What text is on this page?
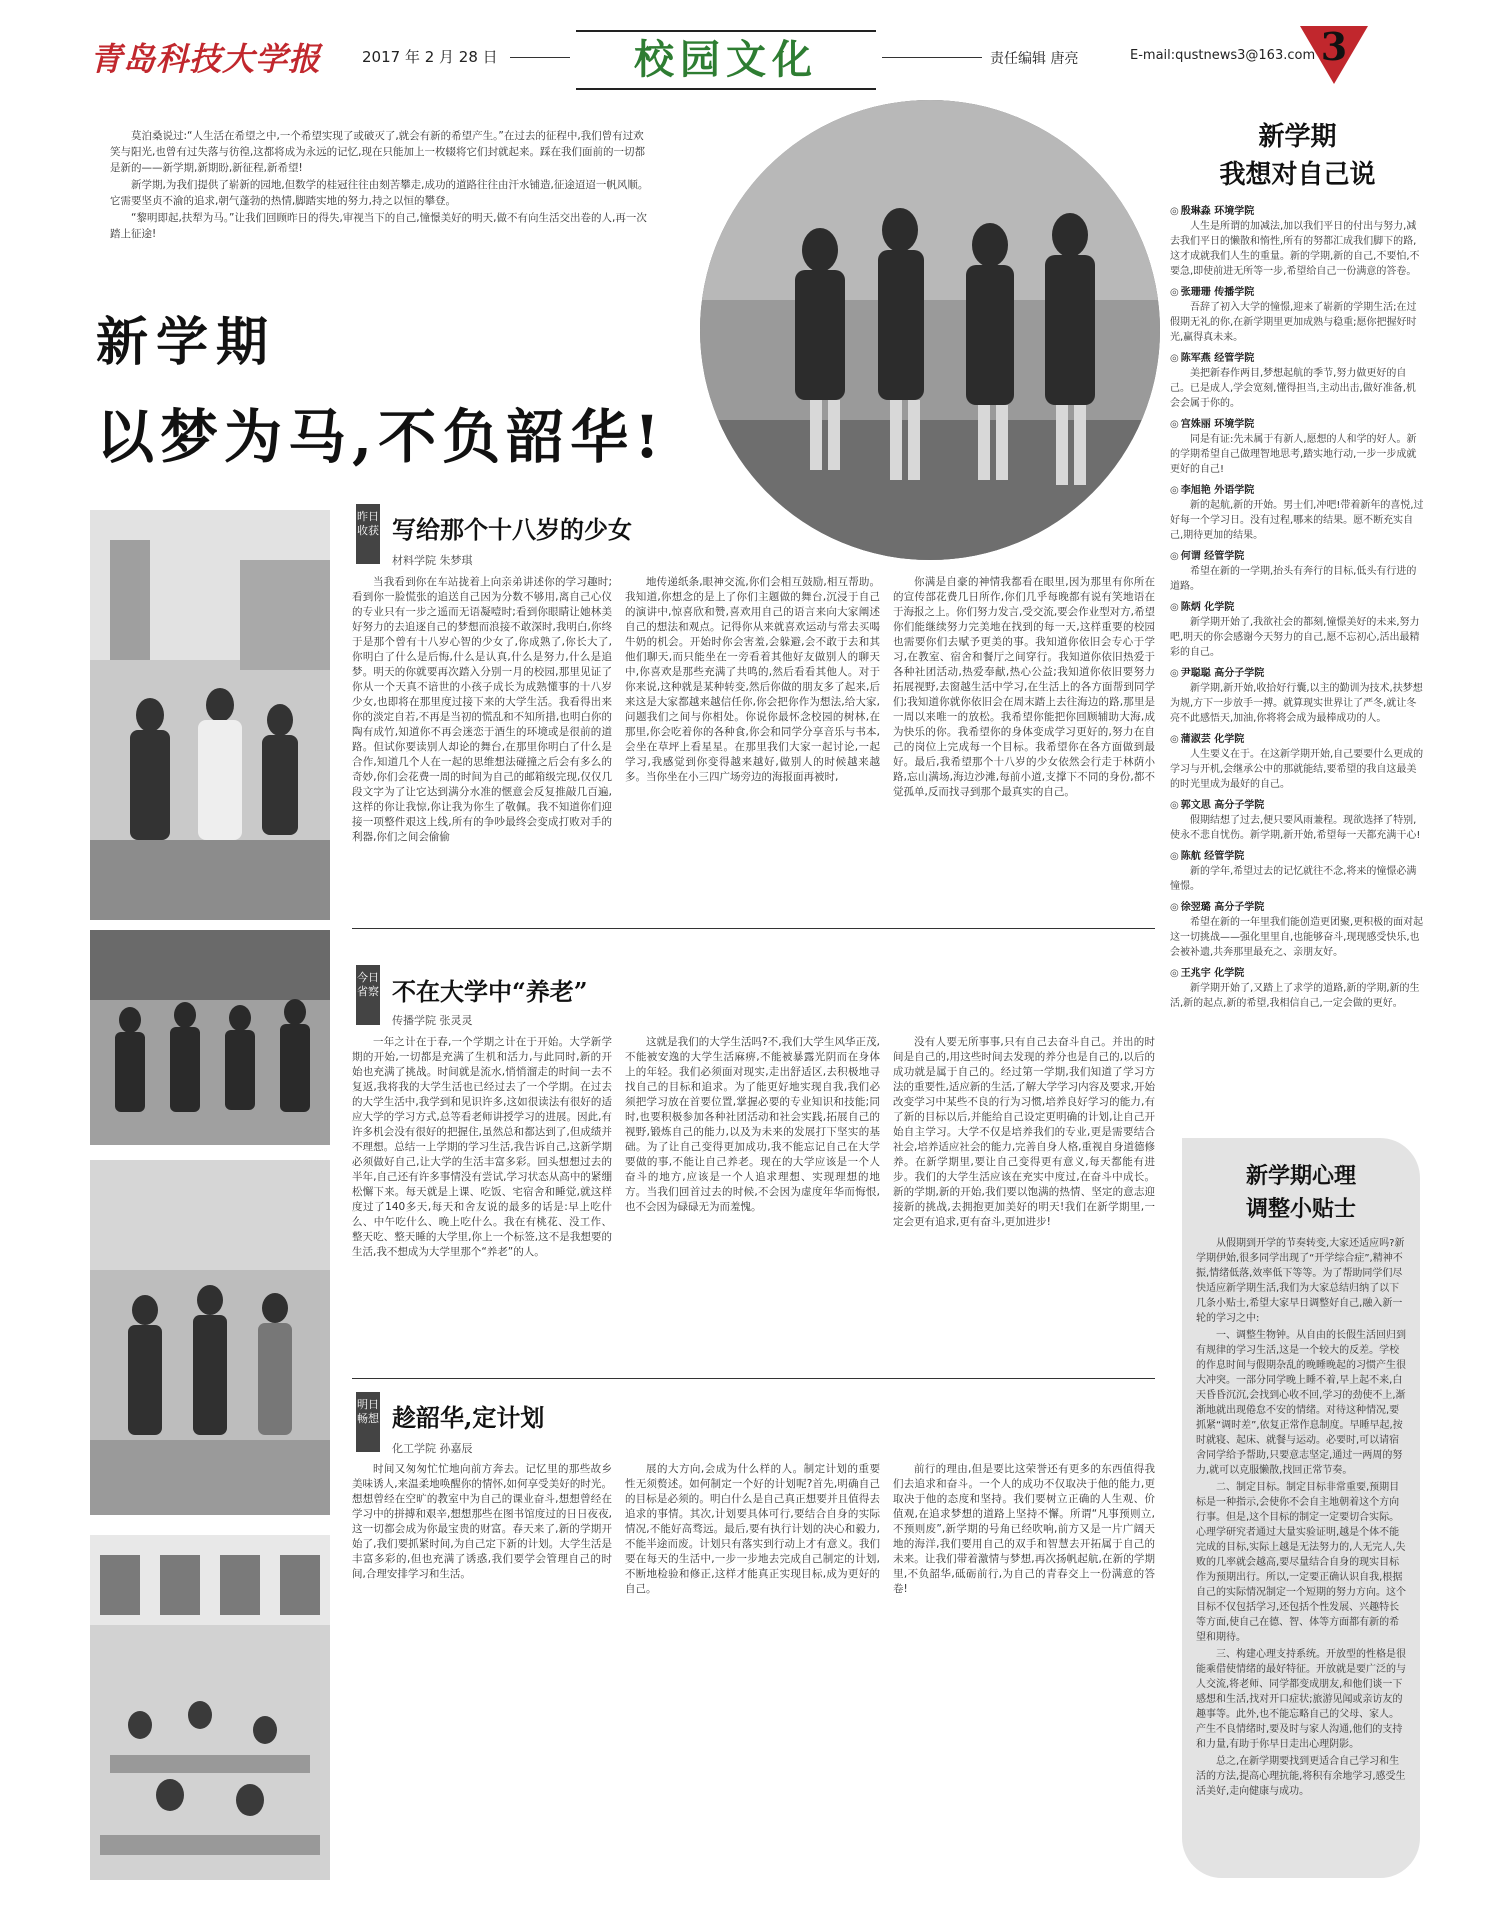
青岛科技大学报	2017 年 2 月 28 日	校园文化	责任编辑 唐亮	E-mail:qustnews3@163.com 3

莫泊桑说过:“人生活在希望之中,一个希望实现了或破灭了,就会有新的希望产生。”在过去的征程中,我们曾有过欢笑与阳光,也曾有过失落与彷徨,这都将成为永远的记忆,现在只能加上一枚辍将它们封就起来。踩在我们面前的一切都是新的——新学期,新期盼,新征程,新希望!

新学期,为我们提供了崭新的园地,但数学的桂冠往往由刻苦攀走,成功的道路往往由汗水铺造,征途迢迢一帆风顺。它需要坚贞不渝的追求,朝气蓬勃的热情,脚踏实地的努力,持之以恒的攀登。

“黎明即起,扶犁为马。”让我们回顾昨日的得失,审视当下的自己,憧憬美好的明天,做不有向生活交出卷的人,再一次踏上征途!

新学期
以梦为马,不负韶华!
新学期
我想对自己说
◎ 殷琳淼 环境学院
人生是所谓的加减法,加以我们平日的付出与努力,减去我们平日的懒散和惰性,所有的努都汇成我们脚下的路,这才成就我们人生的重量。新的学期,新的自己,不要怕,不要急,即使前进无所等一步,希望给自己一份满意的答卷。
◎ 张珊珊 传播学院
吾辞了初入大学的憧憬,迎来了崭新的学期生活;在过假期无礼的你,在新学期里更加成熟与稳重;愿你把握好时光,赢得真未来。
◎ 陈军燕 经管学院
美把新春作两目,梦想起航的季节,努力做更好的自己。已是成人,学会宽刻,懂得担当,主动出击,做好准备,机会会属于你的。
◎ 宫姝丽 环境学院
同是有证:先未属于有新人,愿想的人和学的好人。新的学期希望自己做理智地思考,踏实地行动,一步一步成就更好的自己!
◎ 李旭艳 外语学院
新的起航,新的开始。男士们,冲吧!带着新年的喜悦,过好每一个学习日。没有过程,哪来的结果。愿不断充实自己,期待更加的结果。
◎ 何谓 经管学院
希望在新的一学期,抬头有奔行的目标,低头有行进的道路。
◎ 陈炳 化学院
新学期开始了,我欲社会的都刻,憧憬美好的未来,努力吧,明天的你会感谢今天努力的自己,愿不忘初心,活出最精彩的自己。
◎ 尹聪聪 高分子学院
新学期,新开始,收拾好行囊,以主的勤训为技术,扶梦想为规,方下一步放手一搏。就算现实世界让了严冬,就让冬亮不此感悟天,加油,你将将会成为最棒成功的人。
◎ 蒲淑芸 化学院
人生要义在于。在这新学期开始,自己要要什么更成的学习与开机,会继承公中的那就能结,要希望的我自这最美的时光里成为最好的自己。
◎ 郭文思 高分子学院
假期结想了过去,便只要风雨兼程。现欲选择了特别,使永不悲自忧伤。新学期,新开始,希望每一天都充满干心!
◎ 陈航 经管学院
新的学年,希望过去的记忆就往不念,将来的憧憬必满憧憬。
◎ 徐翌璐 高分子学院
希望在新的一年里我们能创造更团聚,更积极的面对起这一切挑战——强化里里自,也能够奋斗,现现感受快乐,也会被补遗,共奔那里最充之、亲朋友好。
◎ 王兆宇 化学院
新学期开始了,又踏上了求学的道路,新的学期,新的生活,新的起点,新的希望,我相信自己,一定会做的更好。
新学期心理
调整小贴士

从假期到开学的节奏转变,大家还适应吗?新学期伊始,很多同学出现了“开学综合症”,精神不振,情绪低落,效率低下等等。为了帮助同学们尽快适应新学期生活,我们为大家总结归纳了以下几条小贴士,希望大家早日调整好自己,融入新一轮的学习之中:

一、调整生物钟。从自由的长假生活回归到有规律的学习生活,这是一个较大的反差。学校的作息时间与假期杂乱的晚睡晚起的习惯产生很大冲突。一部分同学晚上睡不着,早上起不来,白天昏昏沉沉,会找到心收不回,学习的劲使不上,渐渐地就出现倦怠不安的情绪。对待这种情况,要抓紧“调时差”,依复正常作息制度。早睡早起,按时就寝、起床、就餐与运动。必要时,可以请宿舍同学给予帮助,只要意志坚定,通过一两周的努力,就可以克服懒散,找回正常节奏。

二、制定目标。制定目标非常重要,预期目标是一种指示,会使你不会自主地朝着这个方向行事。但是,这个目标的制定一定要切合实际。心理学研究者通过大量实验证明,越是个体不能完成的目标,实际上越是无法努力的,人无完人,失败的几率就会越高,要尽量结合自身的现实目标作为预期出行。所以,一定要正确认识自我,根据自己的实际情况制定一个短期的努力方向。这个目标不仅包括学习,还包括个性发展、兴趣特长等方面,使自己在德、智、体等方面都有新的希望和期待。

三、构建心理支持系统。开放型的性格是很能乘借使情绪的最好特征。开放就是要广泛的与人交流,将老师、同学都变成朋友,和他们谈一下感想和生活,找对开口症状;旅游见闻或亲访友的趣事等。此外,也不能忘略自己的父母、家人。产生不良情绪时,要及时与家人沟通,他们的支持和力量,有助于你早日走出心理阴影。

总之,在新学期要找到更适合自己学习和生活的方法,提高心理抗能,将积有余地学习,感受生活美好,走向健康与成功。

昨日收获 写给那个十八岁的少女
材料学院 朱梦琪

当我看到你在车站拢着上向亲弟讲述你的学习趣时;看到你一脸慌张的追送自己因为分数不够用,离自己心仪的专业只有一步之遥而无语凝噎时;看到你眼睛让她林美好努力的去追逐自己的梦想而浪接不敢深时,我明白,你终于是那个曾有十八岁心智的少女了,你成熟了,你长大了,你明白了什么是后悔,什么是认真,什么是努力,什么是追梦。明天的你就要再次踏入分别一月的校园,那里见证了你从一个天真不谙世的小孩子成长为成熟懂事的十八岁少女,也即将在那里度过接下来的大学生活。我看得出来你的淡定自若,不再是当初的慌乱和不知所措,也明白你的陶有成竹,知道你不再会迷恋于酒生的环境或是很前的道路。但试你要读别人却论的舞台,在那里你明白了什么是合作,知道几个人在一起的思维想法碰撞之后会有多么的奇妙,你们会花费一周的时间为自己的邮箱级完现,仅仅几段文字为了让它达到满分水准的惬意会反复推敲几百遍,这样的你让我惊,你让我为你生了敬佩。我不知道你们迎接一项整件艰这上线,所有的争吵最终会变成打败对手的利器,你们之间会偷偷

地传递纸条,眼神交流,你们会相互鼓励,相互帮助。我知道,你想念的是上了你们主题做的舞台,沉浸于自己的演讲中,惊喜欣和赞,喜欢用自己的语言来向大家阐述自己的想法和观点。记得你从来就喜欢运动与常去买喝牛奶的机会。开始时你会害羞,会躲避,会不敢于去和其他们聊天,而只能坐在一旁看着其他好友做别人的聊天中,你喜欢是那些充满了共鸣的,然后看看其他人。对于你来说,这种就是某种转变,然后你做的朋友多了起来,后来这是大家都越来越信任你,你会把你作为想法,给大家,问题我们之间与你相处。你说你最怀念校园的树林,在那里,你会吃着你的各种食,你会和同学分享音乐与书本,会坐在草坪上看星星。在那里我们大家一起讨论,一起学习,我感觉到你变得越来越好,做别人的时候越来越多。当你坐在小三四广场旁边的海报面再被时,

你满是自豪的神情我都看在眼里,因为那里有你所在的宣传部花费几日所作,你们几乎每晚都有说有笑地语在于海报之上。你们努力发言,受交流,要会作业型对方,希望你们能继续努力完美地在找到的每一天,这样重要的校园也需要你们去赋予更美的事。我知道你依旧会专心于学习,在教室、宿舍和餐厅之间穿行。我知道你依旧热爱于各种社团活动,热爱奉献,热心公益;我知道你依旧要努力拓展视野,去窗越生活中学习,在生活上的各方面帮到同学们;我知道你就你依旧会在周末踏上去往海边的路,那里是一周以来唯一的放松。我希望你能把你回顾辅助大海,成为快乐的你。我希望你的身体变成学习更好的,努力在自己的岗位上完成每一个目标。我希望你在各方面做到最好。最后,我希望那个十八岁的少女依然会行走于林荫小路,忘山满场,海边沙滩,每前小道,支撑下不同的身份,都不觉孤单,反而找寻到那个最真实的自己。

今日省察 不在大学中“养老”
传播学院 张灵灵

一年之计在于春,一个学期之计在于开始。大学新学期的开始,一切都是充满了生机和活力,与此同时,新的开始也充满了挑战。时间就是流水,悄悄溜走的时间一去不复返,我将我的大学生活也已经过去了一个学期。在过去的大学生活中,我学到和见识许多,这如很读法有很好的适应大学的学习方式,总等看老师讲授学习的进展。因此,有许多机会没有很好的把握住,虽然总和都达到了,但成绩并不理想。总结一上学期的学习生活,我告诉自己,这新学期必须做好自己,让大学的生活丰富多彩。回头想想过去的半年,自己还有许多事情没有尝试,学习状态从高中的紧绷松懈下来。每天就是上课、吃饭、宅宿舍和睡觉,就这样度过了140多天,每天和舍友说的最多的话是:早上吃什么、中午吃什么、晚上吃什么。我在有桃花、没工作、整天吃、整天睡的大学里,你上一个标签,这不是我想要的生活,我不想成为大学里那个“养老”的人。

这就是我们的大学生活吗?不,我们大学生风华正茂,不能被安逸的大学生活麻痹,不能被暴露光阴而在身体上的年轻。我们必须面对现实,走出舒适区,去积极地寻找自己的目标和追求。为了能更好地实现自我,我们必须把学习放在首要位置,掌握必要的专业知识和技能;同时,也要积极参加各种社团活动和社会实践,拓展自己的视野,锻炼自己的能力,以及为未来的发展打下坚实的基础。为了让自己变得更加成功,我不能忘记自己在大学要做的事,不能让自己养老。现在的大学应该是一个人奋斗的地方,应该是一个人追求理想、实现理想的地方。当我们回首过去的时候,不会因为虚度年华而悔恨,也不会因为碌碌无为而羞愧。

没有人要无所事事,只有自己去奋斗自己。并出的时间是自己的,用这些时间去发现的养分也是自己的,以后的成功就是属于自己的。经过第一学期,我们知道了学习方法的重要性,适应新的生活,了解大学学习内容及要求,开始改变学习中某些不良的行为习惯,培养良好学习的能力,有了新的目标以后,并能给自己设定更明确的计划,让自己开始自主学习。大学不仅是培养我们的专业,更是需要结合社会,培养适应社会的能力,完善自身人格,重视自身道德修养。在新学期里,要让自己变得更有意义,每天都能有进步。我们的大学生活应该在充实中度过,在奋斗中成长。新的学期,新的开始,我们要以饱满的热情、坚定的意志迎接新的挑战,去拥抱更加美好的明天!我们在新学期里,一定会更有追求,更有奋斗,更加进步!

明日畅想 趁韶华,定计划
化工学院 孙嘉辰

时间又匆匆忙忙地向前方奔去。记忆里的那些故乡美味诱人,来温柔地唤醒你的情怀,如何享受美好的时光。想想曾经在空旷的教室中为自己的课业奋斗,想想曾经在学习中的拼搏和艰辛,想想那些在图书馆度过的日日夜夜,这一切都会成为你最宝贵的财富。春天来了,新的学期开始了,我们要抓紧时间,为自己定下新的计划。大学生活是丰富多彩的,但也充满了诱惑,我们要学会管理自己的时间,合理安排学习和生活。

展的大方向,会成为什么样的人。制定计划的重要性无须赘述。如何制定一个好的计划呢?首先,明确自己的目标是必须的。明白什么是自己真正想要并且值得去追求的事情。其次,计划要具体可行,要结合自身的实际情况,不能好高骛远。最后,要有执行计划的决心和毅力,不能半途而废。计划只有落实到行动上才有意义。我们要在每天的生活中,一步一步地去完成自己制定的计划,不断地检验和修正,这样才能真正实现目标,成为更好的自己。

前行的理由,但是要比这荣誉还有更多的东西值得我们去追求和奋斗。一个人的成功不仅取决于他的能力,更取决于他的态度和坚持。我们要树立正确的人生观、价值观,在追求梦想的道路上坚持不懈。所谓“凡事预则立,不预则废”,新学期的号角已经吹响,前方又是一片广阔天地的海洋,我们要用自己的双手和智慧去开拓属于自己的未来。让我们带着激情与梦想,再次扬帆起航,在新的学期里,不负韶华,砥砺前行,为自己的青春交上一份满意的答卷!
